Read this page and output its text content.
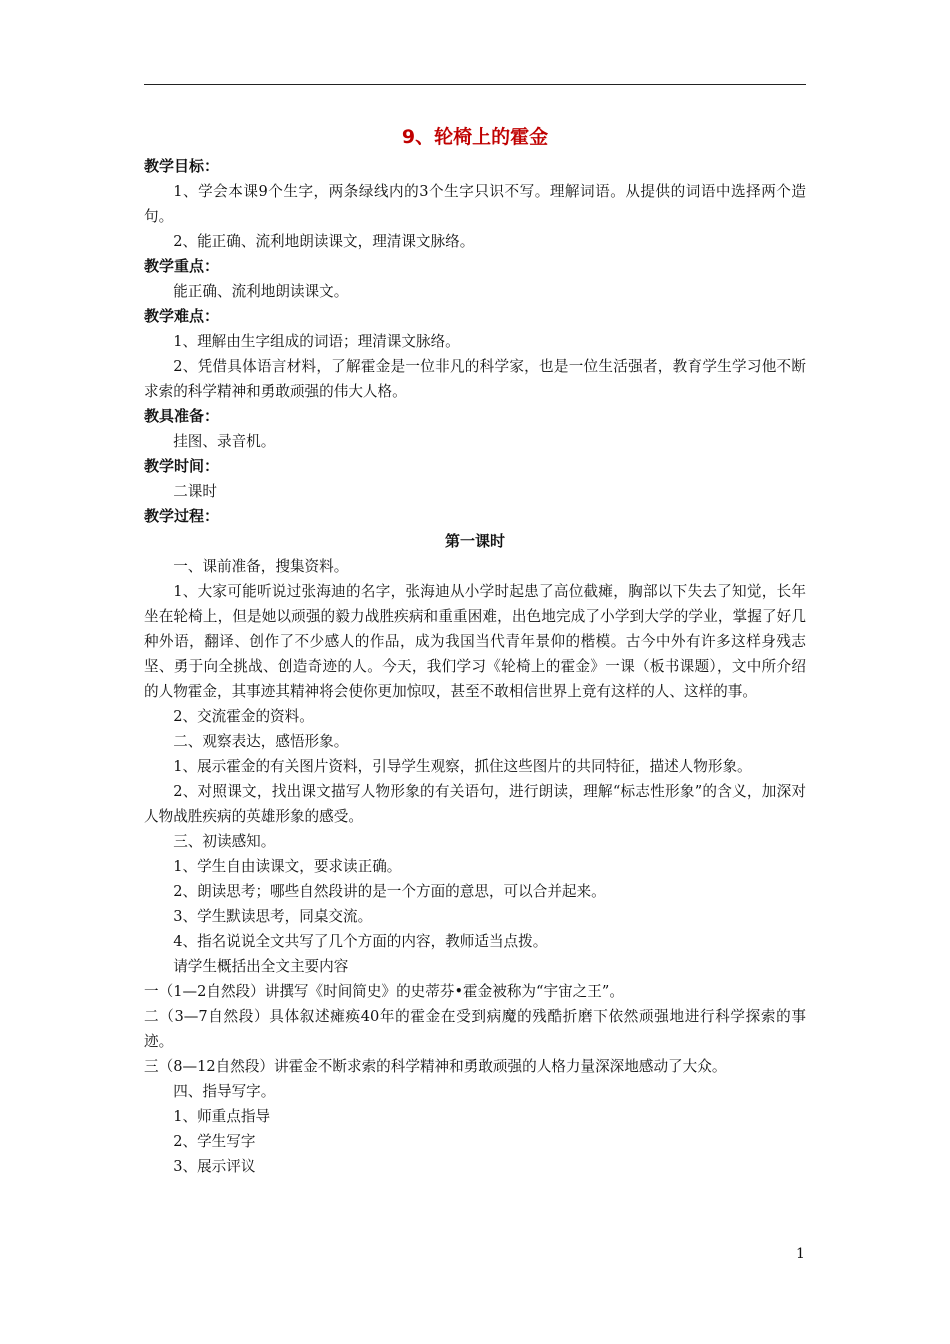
9、轮椅上的霍金
教学目标：

1、学会本课9个生字，两条绿线内的3个生字只识不写。理解词语。从提供的词语中选择两个造句。

2、能正确、流利地朗读课文，理清课文脉络。

教学重点：

能正确、流利地朗读课文。

教学难点：

1、理解由生字组成的词语；理清课文脉络。

2、凭借具体语言材料，了解霍金是一位非凡的科学家，也是一位生活强者，教育学生学习他不断求索的科学精神和勇敢顽强的伟大人格。

教具准备：

挂图、录音机。

教学时间：

二课时

教学过程：
第一课时

一、课前准备，搜集资料。

1、大家可能听说过张海迪的名字，张海迪从小学时起患了高位截瘫，胸部以下失去了知觉，长年坐在轮椅上，但是她以顽强的毅力战胜疾病和重重困难，出色地完成了小学到大学的学业，掌握了好几种外语，翻译、创作了不少感人的作品，成为我国当代青年景仰的楷模。古今中外有许多这样身残志坚、勇于向全挑战、创造奇迹的人。今天，我们学习《轮椅上的霍金》一课（板书课题），文中所介绍的人物霍金，其事迹其精神将会使你更加惊叹，甚至不敢相信世界上竟有这样的人、这样的事。

2、交流霍金的资料。

二、观察表达，感悟形象。

1、展示霍金的有关图片资料，引导学生观察，抓住这些图片的共同特征，描述人物形象。

2、对照课文，找出课文描写人物形象的有关语句，进行朗读，理解“标志性形象”的含义，加深对人物战胜疾病的英雄形象的感受。

三、初读感知。

1、学生自由读课文，要求读正确。

2、朗读思考；哪些自然段讲的是一个方面的意思，可以合并起来。

3、学生默读思考，同桌交流。

4、指名说说全文共写了几个方面的内容，教师适当点拨。

请学生概括出全文主要内容

一（1—2自然段）讲撰写《时间简史》的史蒂芬•霍金被称为“宇宙之王”。

二（3—7自然段）具体叙述瘫痪40年的霍金在受到病魔的残酷折磨下依然顽强地进行科学探索的事迹。

三（8—12自然段）讲霍金不断求索的科学精神和勇敢顽强的人格力量深深地感动了大众。

四、指导写字。

1、师重点指导

2、学生写字

3、展示评议

1
